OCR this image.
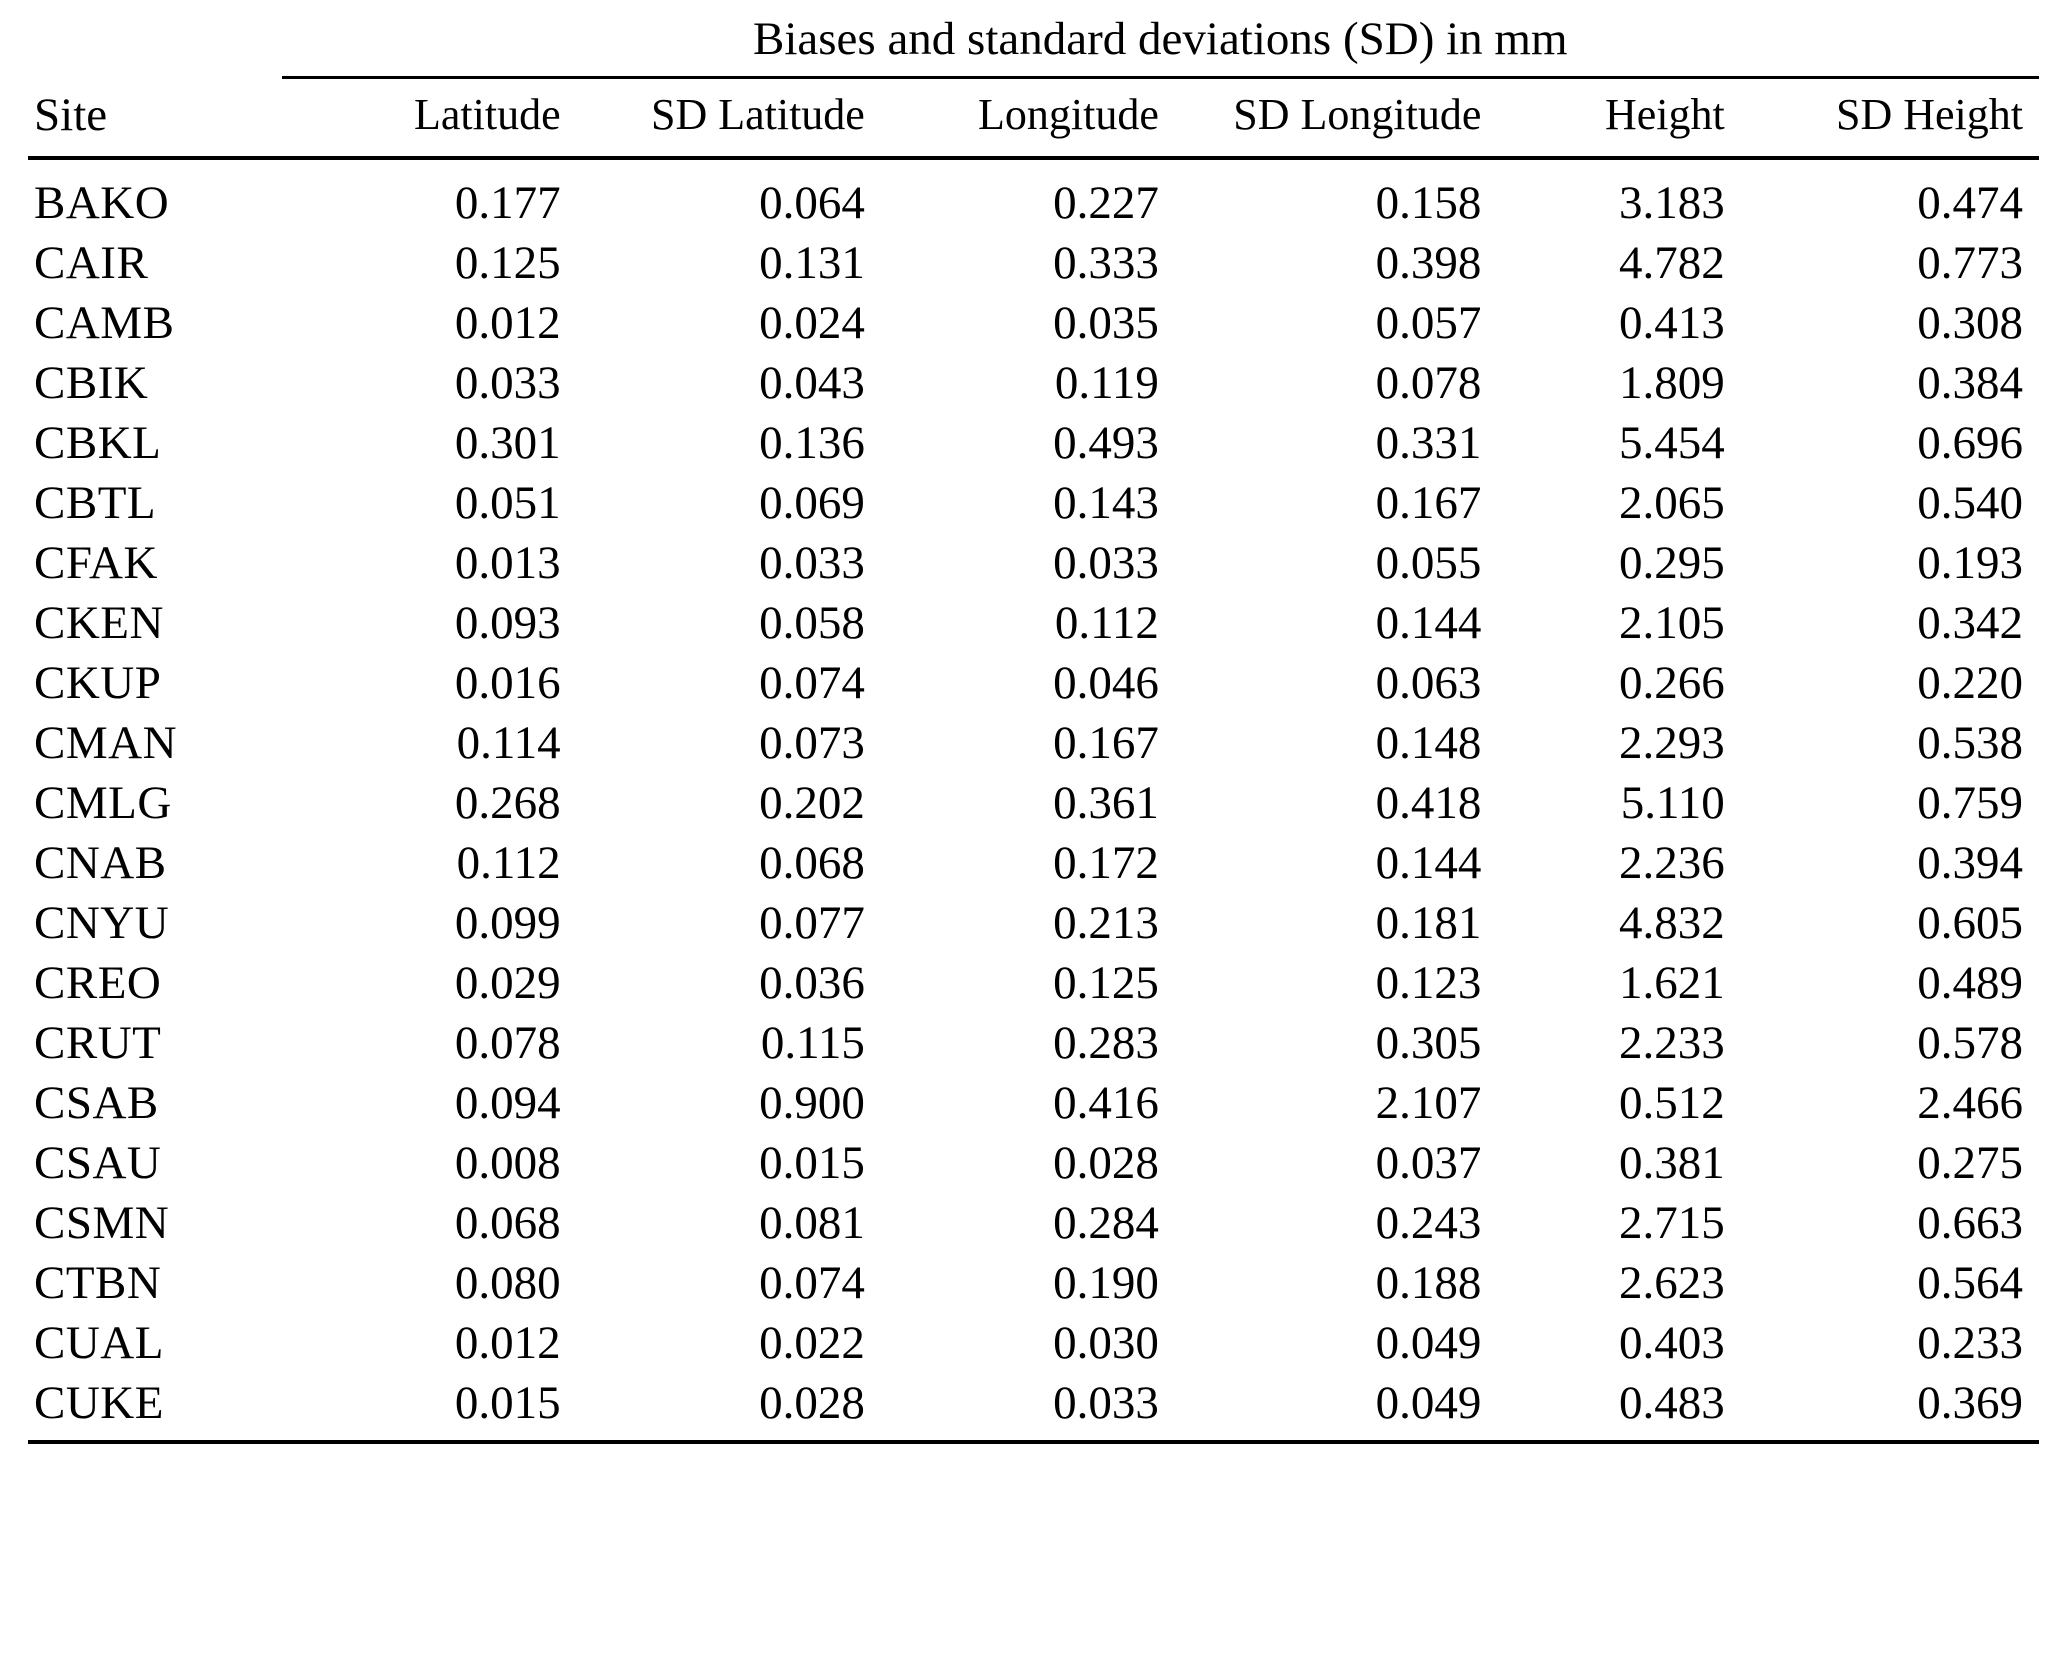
Site	Biases and standard deviations (SD) in mm					
	Latitude	SD Latitude	Longitude	SD Longitude	Height	SD Height
BAKO	0.177	0.064	0.227	0.158	3.183	0.474
CAIR	0.125	0.131	0.333	0.398	4.782	0.773
CAMB	0.012	0.024	0.035	0.057	0.413	0.308
CBIK	0.033	0.043	0.119	0.078	1.809	0.384
CBKL	0.301	0.136	0.493	0.331	5.454	0.696
CBTL	0.051	0.069	0.143	0.167	2.065	0.540
CFAK	0.013	0.033	0.033	0.055	0.295	0.193
CKEN	0.093	0.058	0.112	0.144	2.105	0.342
CKUP	0.016	0.074	0.046	0.063	0.266	0.220
CMAN	0.114	0.073	0.167	0.148	2.293	0.538
CMLG	0.268	0.202	0.361	0.418	5.110	0.759
CNAB	0.112	0.068	0.172	0.144	2.236	0.394
CNYU	0.099	0.077	0.213	0.181	4.832	0.605
CREO	0.029	0.036	0.125	0.123	1.621	0.489
CRUT	0.078	0.115	0.283	0.305	2.233	0.578
CSAB	0.094	0.900	0.416	2.107	0.512	2.466
CSAU	0.008	0.015	0.028	0.037	0.381	0.275
CSMN	0.068	0.081	0.284	0.243	2.715	0.663
CTBN	0.080	0.074	0.190	0.188	2.623	0.564
CUAL	0.012	0.022	0.030	0.049	0.403	0.233
CUKE	0.015	0.028	0.033	0.049	0.483	0.369
